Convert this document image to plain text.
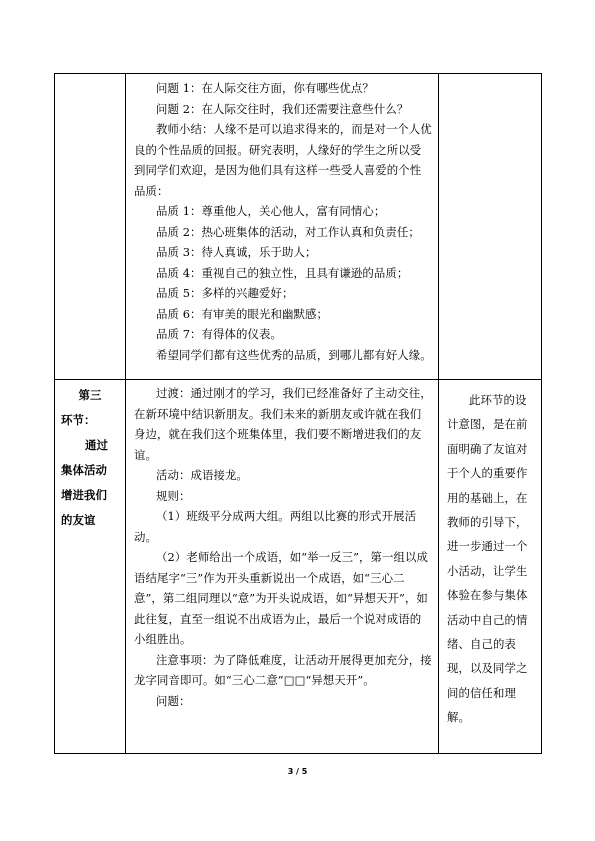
问题 1：在人际交往方面，你有哪些优点？

问题 2：在人际交往时，我们还需要注意些什么？

教师小结：人缘不是可以追求得来的，而是对一个人优良的个性品质的回报。研究表明，人缘好的学生之所以受到同学们欢迎，是因为他们具有这样一些受人喜爱的个性品质：

品质 1：尊重他人，关心他人，富有同情心；

品质 2：热心班集体的活动，对工作认真和负责任；

品质 3：待人真诚，乐于助人；

品质 4：重视自己的独立性，且具有谦逊的品质；

品质 5：多样的兴趣爱好；

品质 6：有审美的眼光和幽默感；

品质 7：有得体的仪表。

希望同学们都有这些优秀的品质，到哪儿都有好人缘。

第三

环节：

通过

集体活动

增进我们

的友谊

过渡：通过刚才的学习，我们已经准备好了主动交往，在新环境中结识新朋友。我们未来的新朋友或许就在我们身边，就在我们这个班集体里，我们要不断增进我们的友谊。

活动：成语接龙。

规则：

（1）班级平分成两大组。两组以比赛的形式开展活动。

（2）老师给出一个成语，如“举一反三”，第一组以成语结尾字“三”作为开头重新说出一个成语，如“三心二意”，第二组同理以“意”为开头说成语，如“异想天开”，如此往复，直至一组说不出成语为止，最后一个说对成语的小组胜出。

注意事项：为了降低难度，让活动开展得更加充分，接龙字同音即可。如“三心二意”□□“异想天开”。

问题：

此环节的设计意图，是在前面明确了友谊对于个人的重要作用的基础上，在教师的引导下，进一步通过一个小活动，让学生体验在参与集体活动中自己的情绪、自己的表现，以及同学之间的信任和理解。

3 / 5
